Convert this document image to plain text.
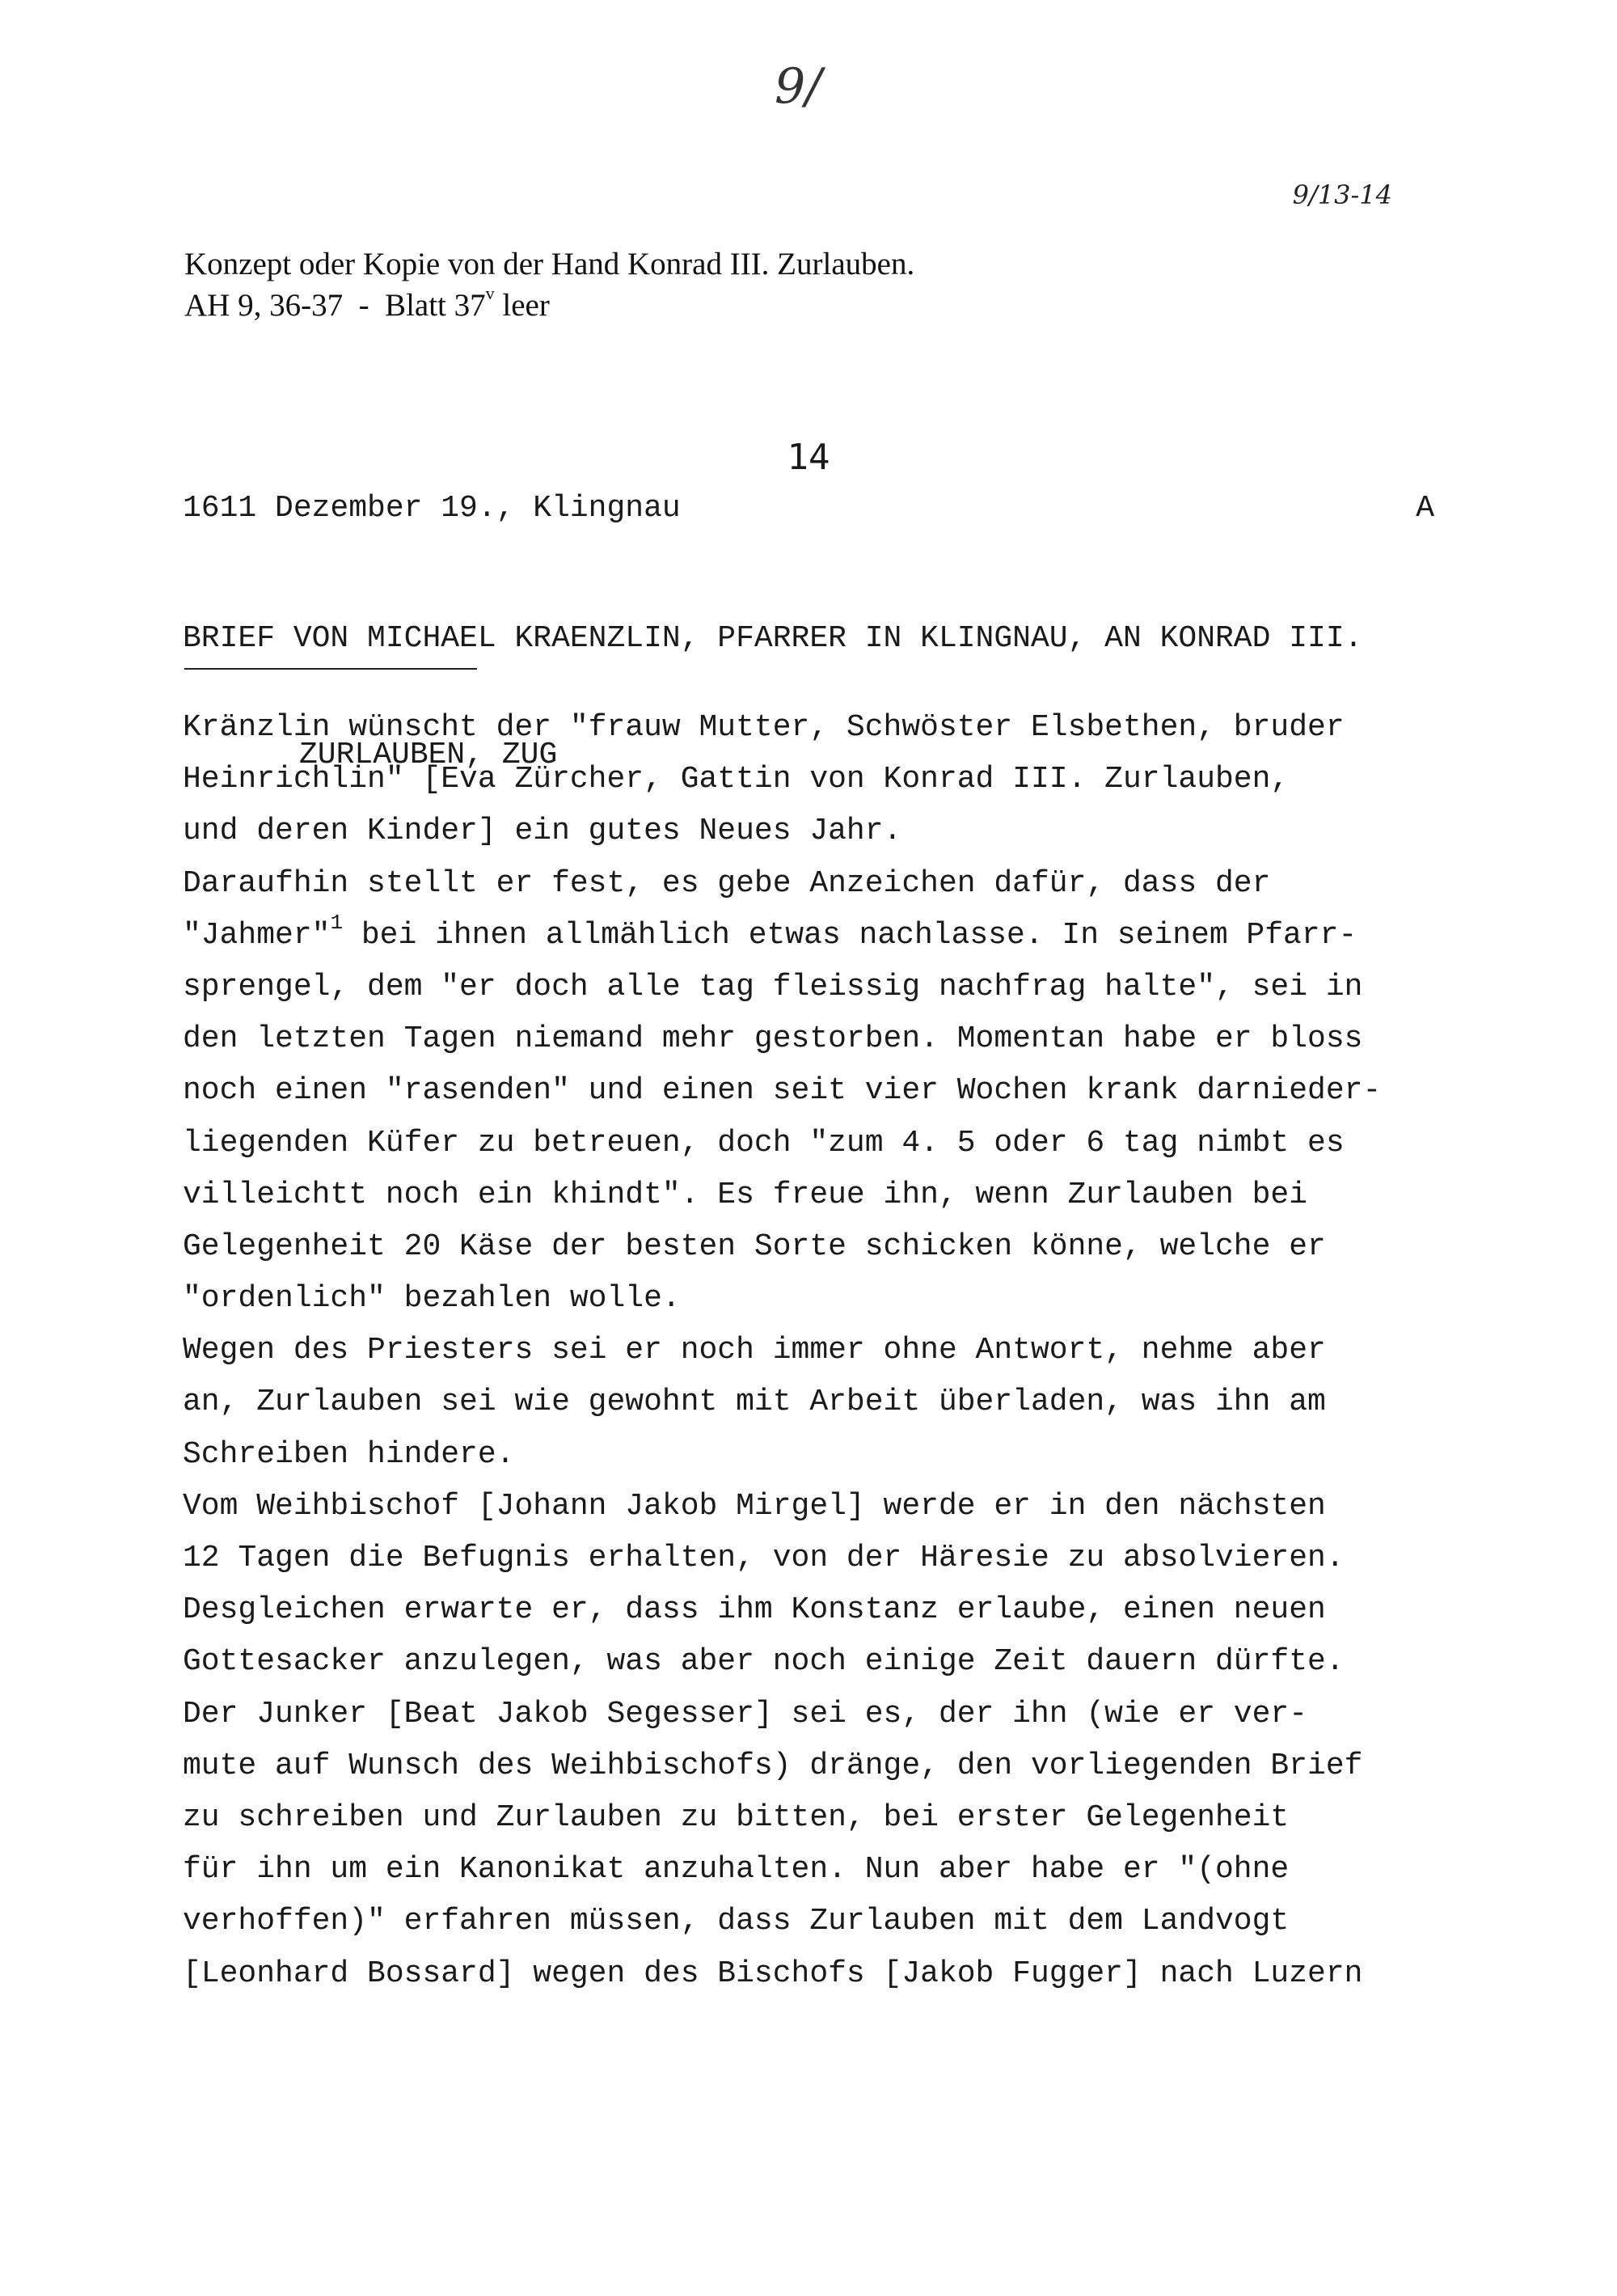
9/
9/13-14
Konzept oder Kopie von der Hand Konrad III. Zurlauben.
AH 9, 36-37  -  Blatt 37$^v$ leer
14
1611 Dezember 19., Klingnau	A

BRIEF VON MICHAEL KRAENZLIN, PFARRER IN KLINGNAU, AN KONRAD III.

ZURLAUBEN, ZUG

Kränzlin wünscht der "frauw Mutter, Schwöster Elsbethen, bruder
Heinrichlin" [Eva Zürcher, Gattin von Konrad III. Zurlauben,
und deren Kinder] ein gutes Neues Jahr.
Daraufhin stellt er fest, es gebe Anzeichen dafür, dass der
"Jahmer"$^1$ bei ihnen allmählich etwas nachlasse. In seinem Pfarr-
sprengel, dem "er doch alle tag fleissig nachfrag halte", sei in
den letzten Tagen niemand mehr gestorben. Momentan habe er bloss
noch einen "rasenden" und einen seit vier Wochen krank darnieder-
liegenden Küfer zu betreuen, doch "zum 4. 5 oder 6 tag nimbt es
villeichtt noch ein khindt". Es freue ihn, wenn Zurlauben bei
Gelegenheit 20 Käse der besten Sorte schicken könne, welche er
"ordenlich" bezahlen wolle.
Wegen des Priesters sei er noch immer ohne Antwort, nehme aber
an, Zurlauben sei wie gewohnt mit Arbeit überladen, was ihn am
Schreiben hindere.
Vom Weihbischof [Johann Jakob Mirgel] werde er in den nächsten
12 Tagen die Befugnis erhalten, von der Häresie zu absolvieren.
Desgleichen erwarte er, dass ihm Konstanz erlaube, einen neuen
Gottesacker anzulegen, was aber noch einige Zeit dauern dürfte.
Der Junker [Beat Jakob Segesser] sei es, der ihn (wie er ver-
mute auf Wunsch des Weihbischofs) dränge, den vorliegenden Brief
zu schreiben und Zurlauben zu bitten, bei erster Gelegenheit
für ihn um ein Kanonikat anzuhalten. Nun aber habe er "(ohne
verhoffen)" erfahren müssen, dass Zurlauben mit dem Landvogt
[Leonhard Bossard] wegen des Bischofs [Jakob Fugger] nach Luzern
